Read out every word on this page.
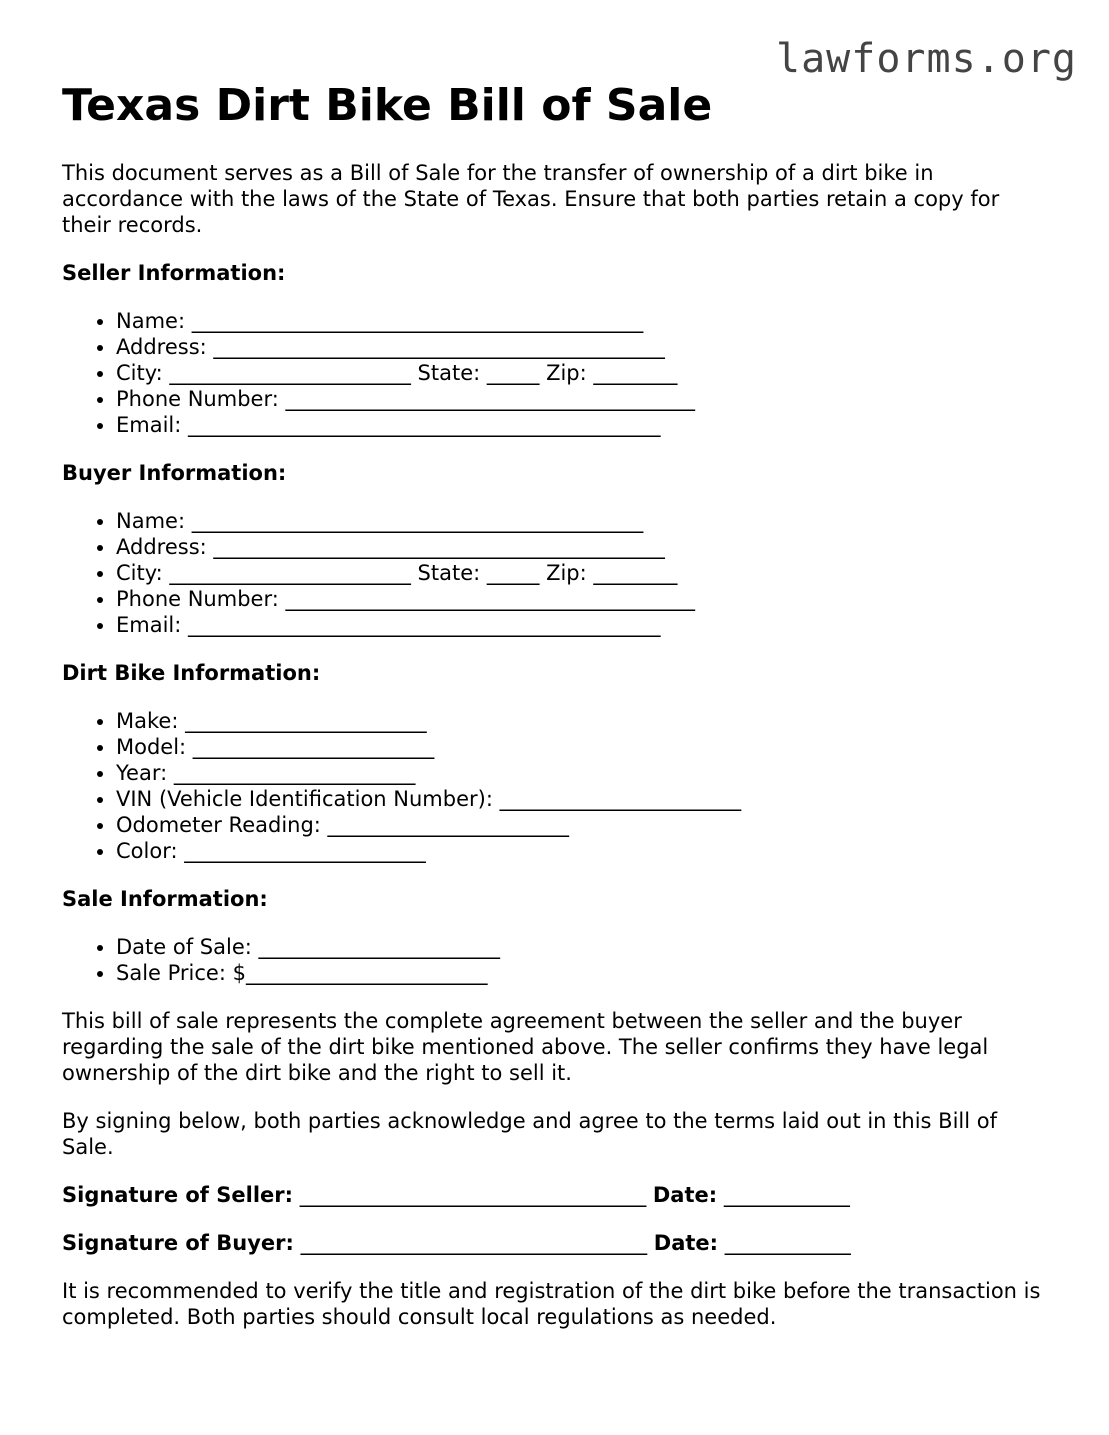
lawforms.org
Texas Dirt Bike Bill of Sale

This document serves as a Bill of Sale for the transfer of ownership of a dirt bike in accordance with the laws of the State of Texas. Ensure that both parties retain a copy for their records.

Seller Information:
• Name: ___________________________________________
• Address: ___________________________________________
• City: _______________________ State: _____ Zip: ________
• Phone Number: _______________________________________
• Email: _____________________________________________
Buyer Information:
• Name: ___________________________________________
• Address: ___________________________________________
• City: _______________________ State: _____ Zip: ________
• Phone Number: _______________________________________
• Email: _____________________________________________
Dirt Bike Information:
• Make: _______________________
• Model: _______________________
• Year: _______________________
• VIN (Vehicle Identification Number): _______________________
• Odometer Reading: _______________________
• Color: _______________________
Sale Information:
• Date of Sale: _______________________
• Sale Price: $_______________________

This bill of sale represents the complete agreement between the seller and the buyer regarding the sale of the dirt bike mentioned above. The seller confirms they have legal ownership of the dirt bike and the right to sell it.

By signing below, both parties acknowledge and agree to the terms laid out in this Bill of Sale.

Signature of Seller: _________________________________ Date: ____________
Signature of Buyer: _________________________________ Date: ____________

It is recommended to verify the title and registration of the dirt bike before the transaction is completed. Both parties should consult local regulations as needed.
